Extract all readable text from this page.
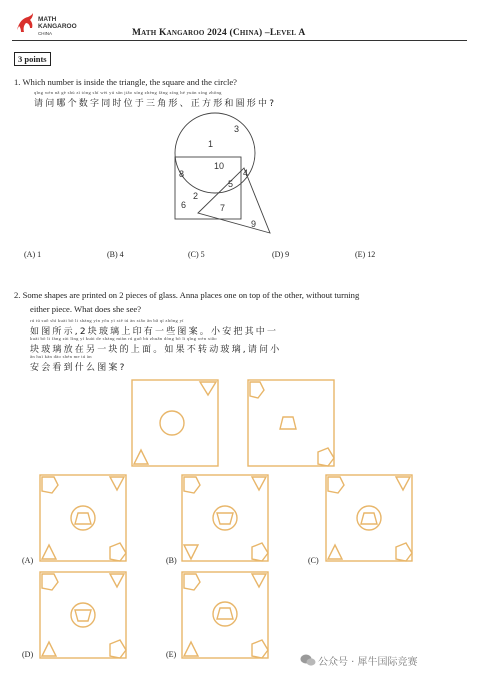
MATH
KANGAROO
CHINA	Math Kangaroo 2024 (China) –Level A
3 points
1. Which number is inside the triangle, the square and the circle?
qǐng wèn nǎ gè shù zì tóng shí wèi yú sān jiǎo xíng zhèng fāng xíng hé yuán xíng zhōng
请问哪个数字同时位于三角形、正方形和圆形中?
3
1
10
8
5
4
2
6	7
9
(A) 1	(B) 4	(C) 5	(D) 9	(E) 12
2. Some shapes are printed on 2 pieces of glass. Anna places one on top of the other, without turning
either piece. What does she see?
rú tú suǒ shì kuài bō li shàng yìn yǒu yì xiē tú àn xiǎo ān bǎ qí zhōng yí
如图所示,2块玻璃上印有一些图案。小安把其中一
kuài bō li fàng zài lìng yí kuài de shàng miàn rú guǒ bù zhuǎn dòng bō li qǐng wèn xiǎo
块玻璃放在另一块的上面。如果不转动玻璃,请问小
ān huì kàn dào shén me tú àn
安会看到什么图案?
(A)	(B)	(C)
(D)	(E)
公众号 · 犀牛国际竞赛
